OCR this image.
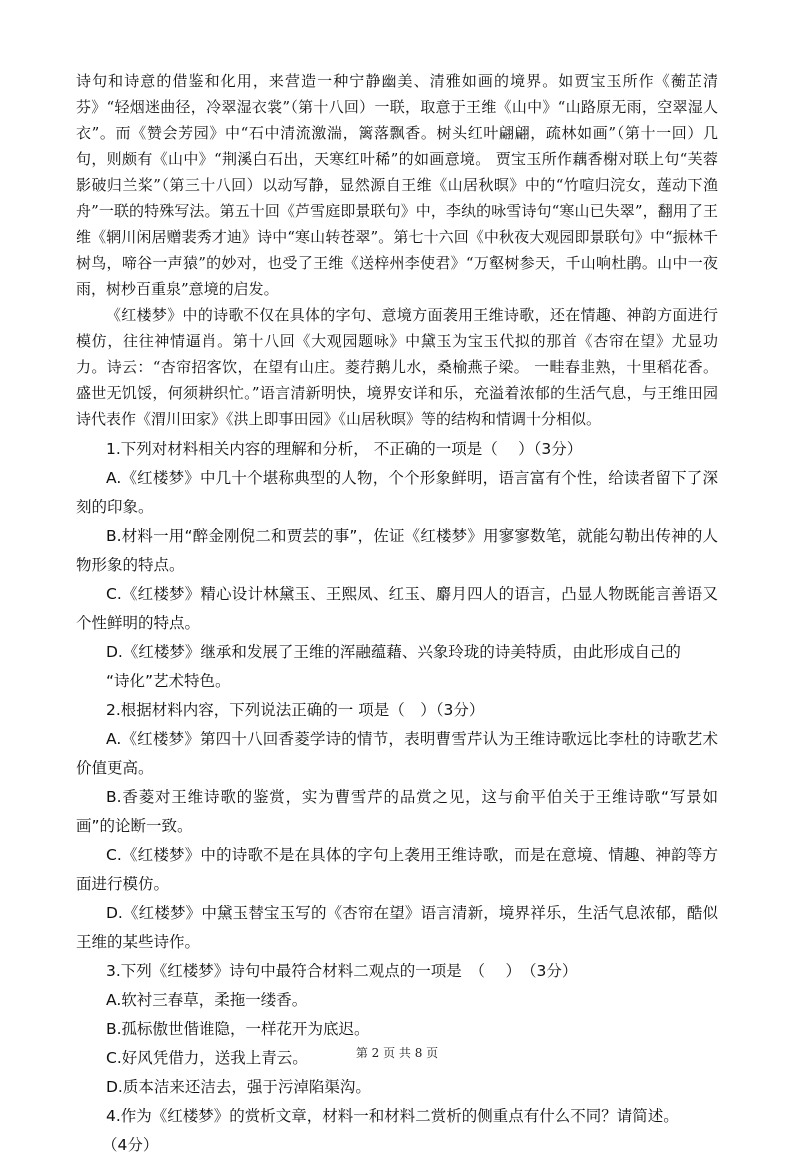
诗句和诗意的借鉴和化用，来营造一种宁静幽美、清雅如画的境界。如贾宝玉所作《蘅芷清芬》“轻烟迷曲径，冷翠湿衣裳”（第十八回）一联，取意于王维《山中》“山路原无雨，空翠湿人衣”。而《赞会芳园》中“石中清流激湍，篱落飘香。树头红叶翩翩，疏林如画”（第十一回）几句，则颇有《山中》“荆溪白石出，天寒红叶稀”的如画意境。 贾宝玉所作藕香榭对联上句“芙蓉影破归兰桨”（第三十八回）以动写静，显然源自王维《山居秋暝》中的“竹喧归浣女，莲动下渔舟”一联的特殊写法。第五十回《芦雪庭即景联句》中，李纨的咏雪诗句“寒山已失翠”，翻用了王维《辋川闲居赠裴秀才迪》诗中“寒山转苍翠”。第七十六回《中秋夜大观园即景联句》中“振林千树鸟，啼谷一声猿”的妙对，也受了王维《送梓州李使君》“万壑树参天，千山响杜鹃。山中一夜雨，树杪百重泉”意境的启发。

《红楼梦》中的诗歌不仅在具体的字句、意境方面袭用王维诗歌，还在情趣、神韵方面进行模仿，往往神情逼肖。第十八回《大观园题咏》中黛玉为宝玉代拟的那首《杏帘在望》尤显功力。诗云：“杏帘招客饮，在望有山庄。菱荇鹅儿水，桑榆燕子梁。 一畦春韭熟，十里稻花香。盛世无饥馁，何须耕织忙。”语言清新明快，境界安详和乐，充溢着浓郁的生活气息，与王维田园诗代表作《渭川田家》《洪上即事田园》《山居秋暝》等的结构和情调十分相似。

1.下列对材料相关内容的理解和分析， 不正确的一项是（　 ）（3分）

A.《红楼梦》中几十个堪称典型的人物，个个形象鲜明，语言富有个性，给读者留下了深刻的印象。

B.材料一用“醉金刚倪二和贾芸的事”，佐证《红楼梦》用寥寥数笔，就能勾勒出传神的人物形象的特点。

C.《红楼梦》精心设计林黛玉、王熙凤、红玉、麝月四人的语言，凸显人物既能言善语又个性鲜明的特点。

D.《红楼梦》继承和发展了王维的浑融蕴藉、兴象玲珑的诗美特质，由此形成自己的

“诗化”艺术特色。

2.根据材料内容，下列说法正确的一 项是（　）（3分）

A.《红楼梦》第四十八回香菱学诗的情节，表明曹雪芹认为王维诗歌远比李杜的诗歌艺术价值更高。

B.香菱对王维诗歌的鉴赏，实为曹雪芹的品赏之见，这与俞平伯关于王维诗歌“写景如画”的论断一致。

C.《红楼梦》中的诗歌不是在具体的字句上袭用王维诗歌，而是在意境、情趣、神韵等方面进行模仿。

D.《红楼梦》中黛玉替宝玉写的《杏帘在望》语言清新，境界祥乐，生活气息浓郁，酷似王维的某些诗作。

3.下列《红楼梦》诗句中最符合材料二观点的一项是　（　 ）　（3分）

A.软衬三春草，柔拖一缕香。

B.孤标傲世偕谁隐，一样花开为底迟。

C.好风凭借力，送我上青云。

D.质本洁来还洁去，强于污淖陷渠沟。

4.作为《红楼梦》的赏析文章，材料一和材料二赏析的侧重点有什么不同？请简述。

（4分）

第 2 页 共 8 页
